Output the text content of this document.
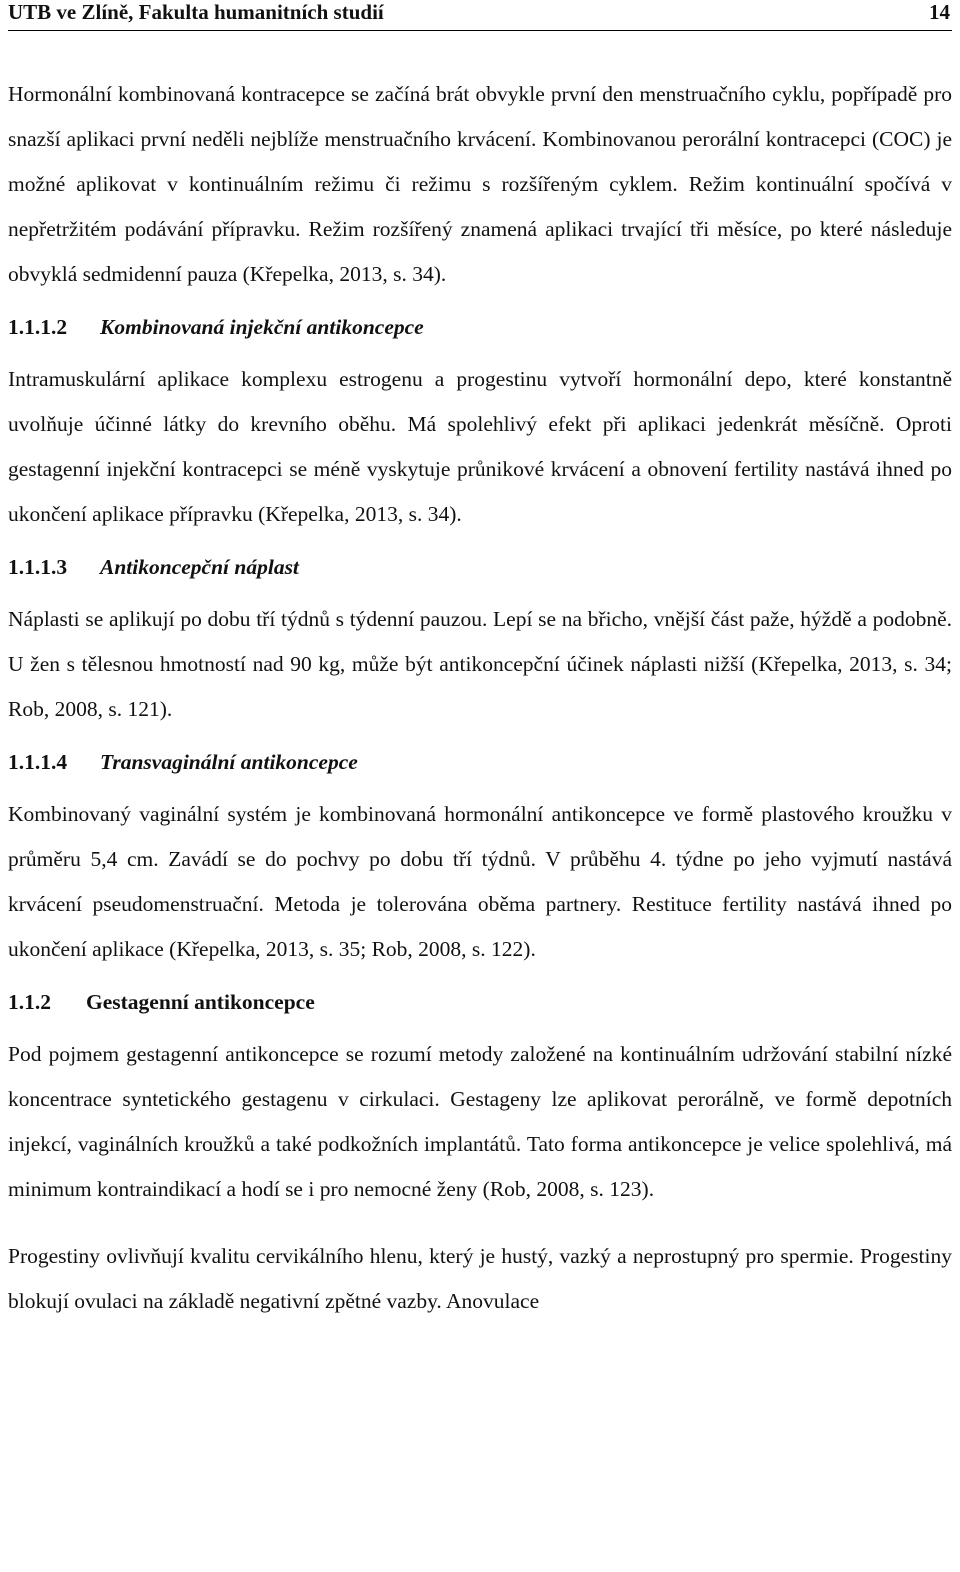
UTB ve Zlíně, Fakulta humanitních studií	14

Hormonální kombinovaná kontracepce se začíná brát obvykle první den menstruačního cyklu, popřípadě pro snazší aplikaci první neděli nejblíže menstruačního krvácení. Kombinovanou perorální kontracepci (COC) je možné aplikovat v kontinuálním režimu či režimu s rozšířeným cyklem. Režim kontinuální spočívá v nepřetržitém podávání přípravku. Režim rozšířený znamená aplikaci trvající tři měsíce, po které následuje obvyklá sedmidenní pauza (Křepelka, 2013, s. 34).

1.1.1.2 Kombinovaná injekční antikoncepce

Intramuskulární aplikace komplexu estrogenu a progestinu vytvoří hormonální depo, které konstantně uvolňuje účinné látky do krevního oběhu. Má spolehlivý efekt při aplikaci jedenkrát měsíčně. Oproti gestagenní injekční kontracepci se méně vyskytuje průnikové krvácení a obnovení fertility nastává ihned po ukončení aplikace přípravku (Křepelka, 2013, s. 34).

1.1.1.3 Antikoncepční náplast

Náplasti se aplikují po dobu tří týdnů s týdenní pauzou. Lepí se na břicho, vnější část paže, hýždě a podobně. U žen s tělesnou hmotností nad 90 kg, může být antikoncepční účinek náplasti nižší (Křepelka, 2013, s. 34; Rob, 2008, s. 121).

1.1.1.4 Transvaginální antikoncepce

Kombinovaný vaginální systém je kombinovaná hormonální antikoncepce ve formě plastového kroužku v průměru 5,4 cm. Zavádí se do pochvy po dobu tří týdnů. V průběhu 4. týdne po jeho vyjmutí nastává krvácení pseudomenstruační. Metoda je tolerována oběma partnery. Restituce fertility nastává ihned po ukončení aplikace (Křepelka, 2013, s. 35; Rob, 2008, s. 122).

1.1.2 Gestagenní antikoncepce

Pod pojmem gestagenní antikoncepce se rozumí metody založené na kontinuálním udržování stabilní nízké koncentrace syntetického gestagenu v cirkulaci. Gestageny lze aplikovat perorálně, ve formě depotních injekcí, vaginálních kroužků a také podkožních implantátů. Tato forma antikoncepce je velice spolehlivá, má minimum kontraindikací a hodí se i pro nemocné ženy (Rob, 2008, s. 123).

Progestiny ovlivňují kvalitu cervikálního hlenu, který je hustý, vazký a neprostupný pro spermie. Progestiny blokují ovulaci na základě negativní zpětné vazby. Anovulace
